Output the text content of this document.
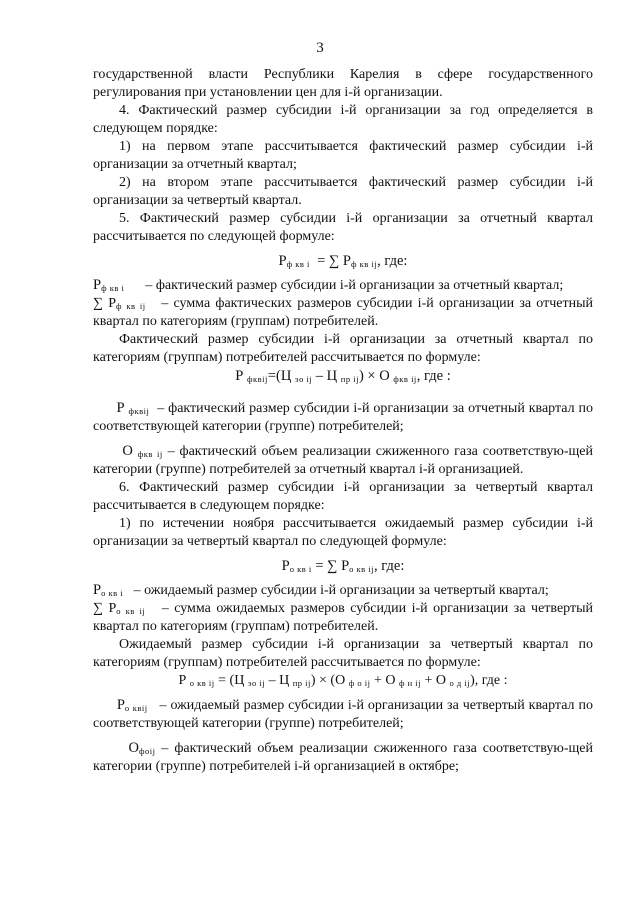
3

государственной власти Республики Карелия в сфере государственного регулирования при установлении цен для i-й организации.

4. Фактический размер субсидии i-й организации за год определяется в следующем порядке:

1) на первом этапе рассчитывается фактический размер субсидии i-й организации за отчетный квартал;

2) на втором этапе рассчитывается фактический размер субсидии i-й организации за четвертый квартал.

5. Фактический размер субсидии i-й организации за отчетный квартал рассчитывается по следующей формуле:

$Р_{ф кв i}$  = ∑ $Р_{ф кв ij}$, где:

$Р_{ф кв i}$ – фактический размер субсидии i-й организации за отчетный квартал;

∑ $Р_{ф кв ij}$ – сумма фактических размеров субсидии i-й организации за отчетный квартал по категориям (группам) потребителей.

Фактический размер субсидии i-й организации за отчетный квартал по категориям (группам) потребителей рассчитывается по формуле:

Р $_{фквij}$=(Ц $_{эо ij}$ – Ц $_{пр ij}$) × О $_{фкв ij}$, где :

Р $_{фквij}$ – фактический размер субсидии i-й организации за отчетный квартал по соответствующей категории (группе) потребителей;

О $_{фкв ij}$ – фактический объем реализации сжиженного газа соответствую-щей категории (группе) потребителей за отчетный квартал i-й организацией.

6. Фактический размер субсидии i-й организации за четвертый квартал рассчитывается в следующем порядке:

1) по истечении ноября рассчитывается ожидаемый размер субсидии i-й организации за четвертый квартал по следующей формуле:

$Р_{о кв i}$ = ∑ $Р_{о кв ij}$, где:

$Р_{о кв i}$ – ожидаемый размер субсидии i-й организации за четвертый квартал;

∑ $Р_{о кв ij}$ – сумма ожидаемых размеров субсидии i-й организации за четвертый квартал по категориям (группам) потребителей.

Ожидаемый размер субсидии i-й организации за четвертый квартал по категориям (группам) потребителей рассчитывается по формуле:

Р $_{о кв ij}$ = (Ц $_{эо ij}$ – Ц $_{пр ij}$) × (О $_{ф о ij}$ + О $_{ф н ij}$ + О $_{о д ij}$), где :

$Р_{о квij}$ – ожидаемый размер субсидии i-й организации за четвертый квартал по соответствующей категории (группе) потребителей;

$О_{фоij}$ – фактический объем реализации сжиженного газа соответствую-щей категории (группе) потребителей i-й организацией в октябре;
